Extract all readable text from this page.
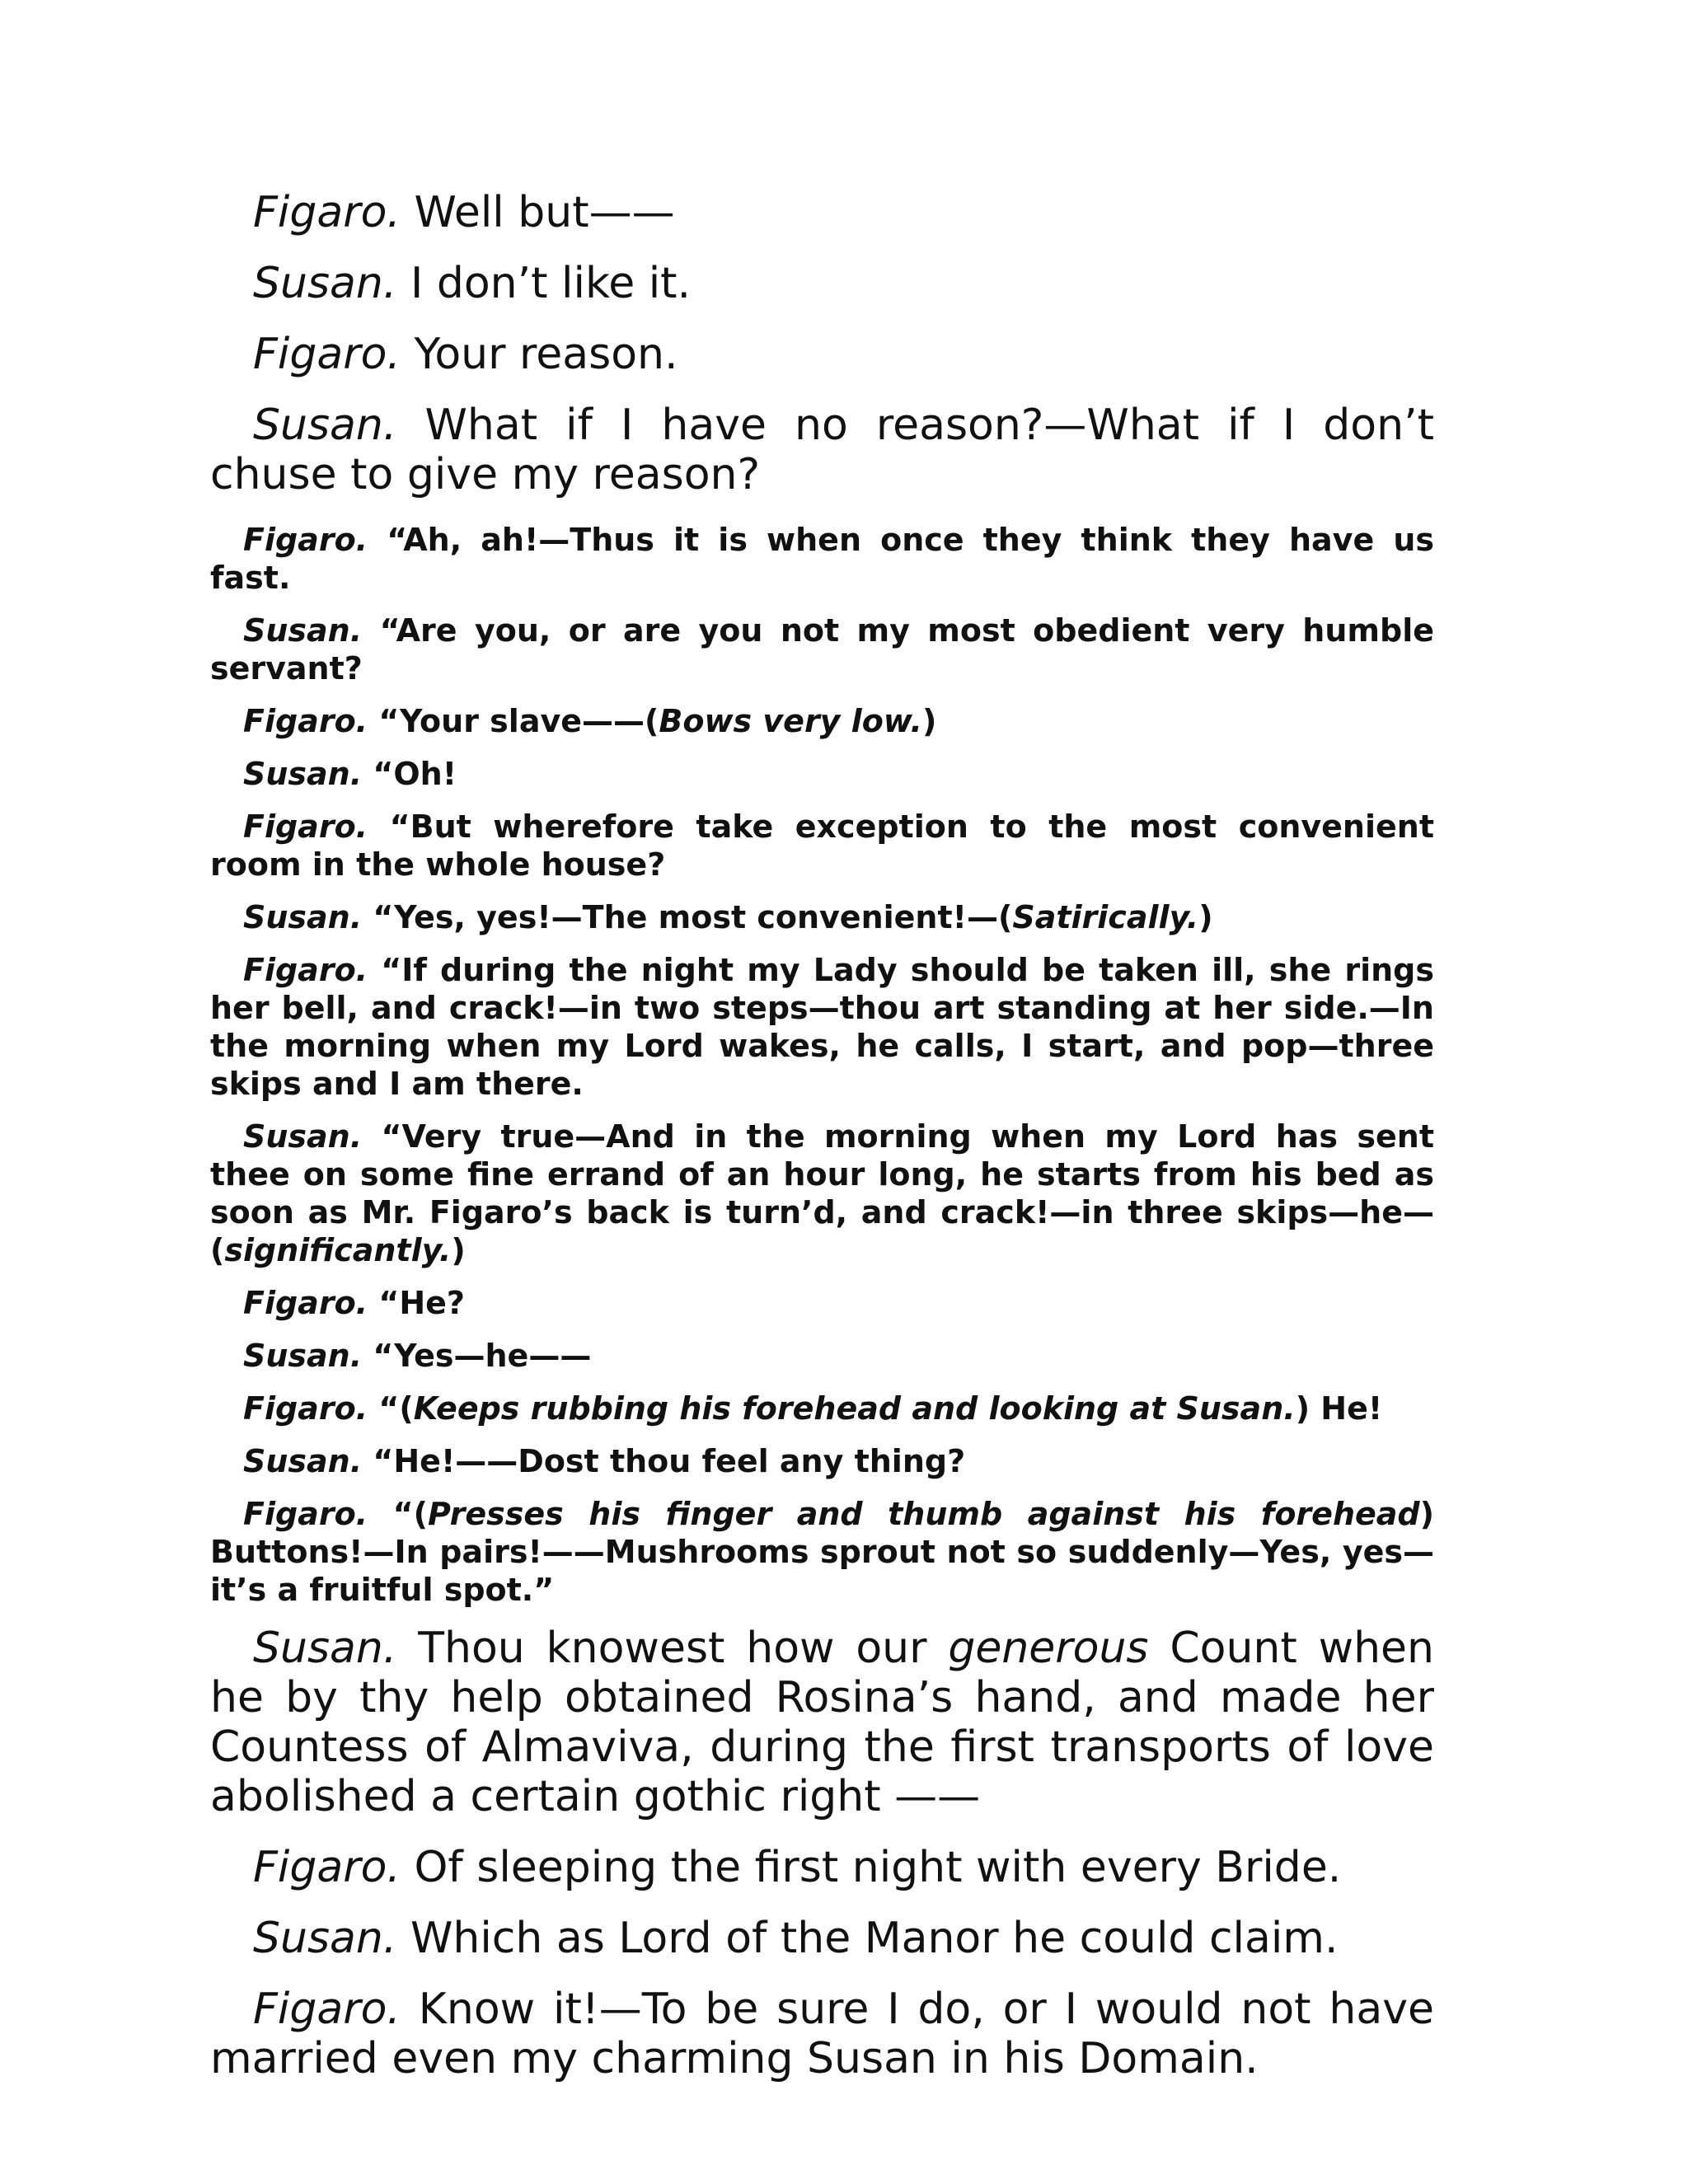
Figaro. Well but——

Susan. I don’t like it.

Figaro. Your reason.

Susan. What if I have no reason?—What if I don’t chuse to give my reason?

Figaro. “Ah, ah!—Thus it is when once they think they have us fast.

Susan. “Are you, or are you not my most obedient very humble servant?

Figaro. “Your slave——(Bows very low.)

Susan. “Oh!

Figaro. “But wherefore take exception to the most convenient room in the whole house?

Susan. “Yes, yes!—The most convenient!—(Satirically.)

Figaro. “If during the night my Lady should be taken ill, she rings her bell, and crack!—in two steps—thou art standing at her side.—In the morning when my Lord wakes, he calls, I start, and pop—three skips and I am there.

Susan. “Very true—And in the morning when my Lord has sent thee on some fine errand of an hour long, he starts from his bed as soon as Mr. Figaro’s back is turn’d, and crack!—in three skips—he—(significantly.)

Figaro. “He?

Susan. “Yes—he——

Figaro. “(Keeps rubbing his forehead and looking at Susan.) He!

Susan. “He!——Dost thou feel any thing?

Figaro. “(Presses his finger and thumb against his forehead) Buttons!—In pairs!——Mushrooms sprout not so suddenly—Yes, yes—it’s a fruitful spot.”

Susan. Thou knowest how our generous Count when he by thy help obtained Rosina’s hand, and made her Countess of Almaviva, during the first transports of love abolished a certain gothic right ——

Figaro. Of sleeping the first night with every Bride.

Susan. Which as Lord of the Manor he could claim.

Figaro. Know it!—To be sure I do, or I would not have married even my charming Susan in his Domain.
